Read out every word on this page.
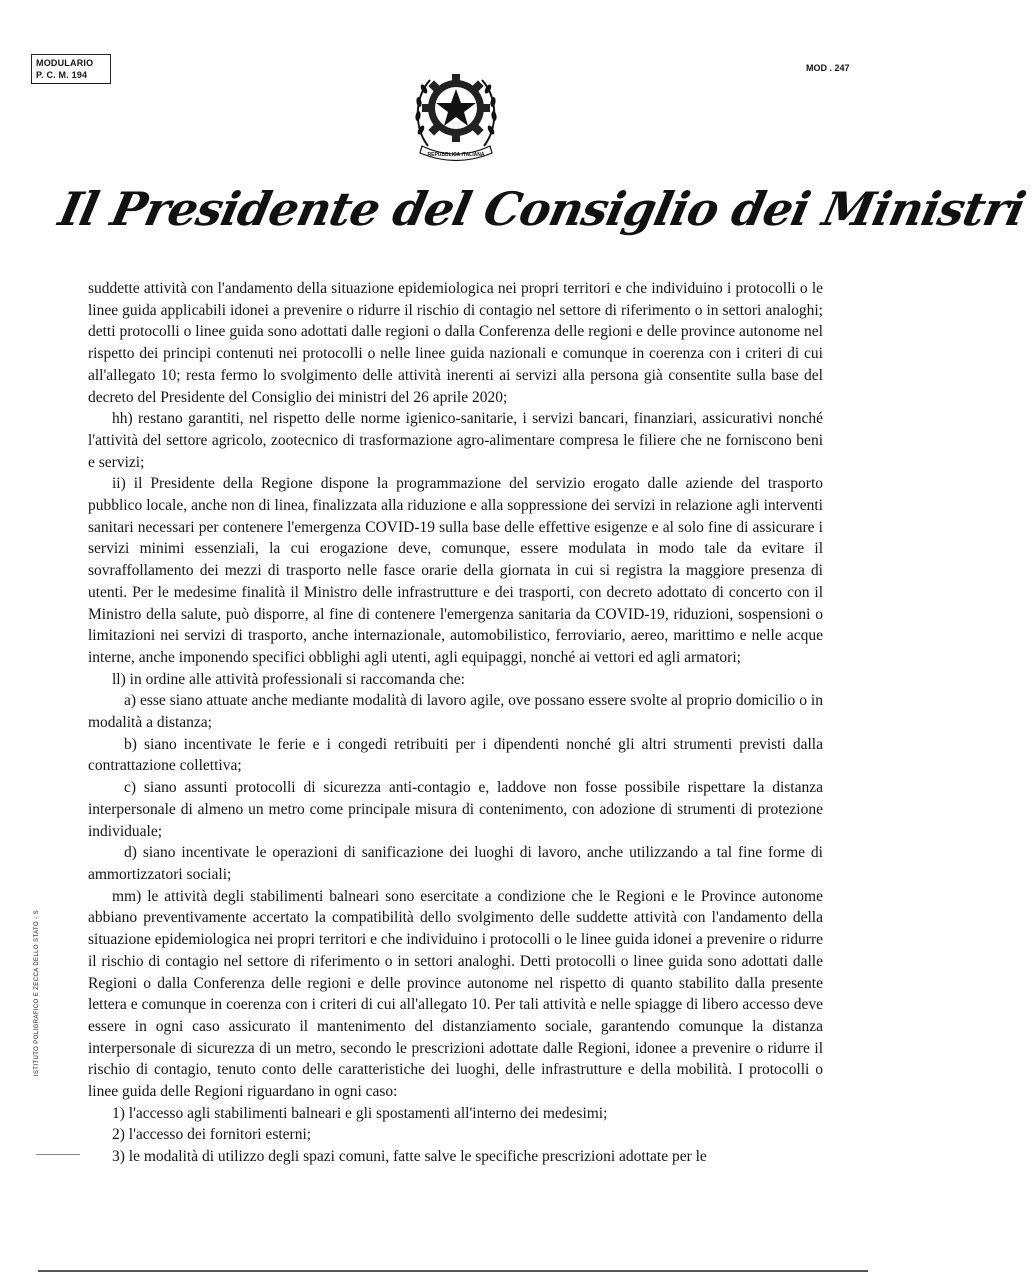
MODULARIO
P. C. M. 194
MOD . 247
REPUBBLICA ITALIANA
Il Presidente del Consiglio dei Ministri

suddette attività con l'andamento della situazione epidemiologica nei propri territori e che individuino i protocolli o le linee guida applicabili idonei a prevenire o ridurre il rischio di contagio nel settore di riferimento o in settori analoghi; detti protocolli o linee guida sono adottati dalle regioni o dalla Conferenza delle regioni e delle province autonome nel rispetto dei principi contenuti nei protocolli o nelle linee guida nazionali e comunque in coerenza con i criteri di cui all'allegato 10; resta fermo lo svolgimento delle attività inerenti ai servizi alla persona già consentite sulla base del decreto del Presidente del Consiglio dei ministri del 26 aprile 2020;

hh) restano garantiti, nel rispetto delle norme igienico-sanitarie, i servizi bancari, finanziari, assicurativi nonché l'attività del settore agricolo, zootecnico di trasformazione agro-alimentare compresa le filiere che ne forniscono beni e servizi;

ii) il Presidente della Regione dispone la programmazione del servizio erogato dalle aziende del trasporto pubblico locale, anche non di linea, finalizzata alla riduzione e alla soppressione dei servizi in relazione agli interventi sanitari necessari per contenere l'emergenza COVID-19 sulla base delle effettive esigenze e al solo fine di assicurare i servizi minimi essenziali, la cui erogazione deve, comunque, essere modulata in modo tale da evitare il sovraffollamento dei mezzi di trasporto nelle fasce orarie della giornata in cui si registra la maggiore presenza di utenti. Per le medesime finalità il Ministro delle infrastrutture e dei trasporti, con decreto adottato di concerto con il Ministro della salute, può disporre, al fine di contenere l'emergenza sanitaria da COVID-19, riduzioni, sospensioni o limitazioni nei servizi di trasporto, anche internazionale, automobilistico, ferroviario, aereo, marittimo e nelle acque interne, anche imponendo specifici obblighi agli utenti, agli equipaggi, nonché ai vettori ed agli armatori;

ll) in ordine alle attività professionali si raccomanda che:

a) esse siano attuate anche mediante modalità di lavoro agile, ove possano essere svolte al proprio domicilio o in modalità a distanza;

b) siano incentivate le ferie e i congedi retribuiti per i dipendenti nonché gli altri strumenti previsti dalla contrattazione collettiva;

c) siano assunti protocolli di sicurezza anti-contagio e, laddove non fosse possibile rispettare la distanza interpersonale di almeno un metro come principale misura di contenimento, con adozione di strumenti di protezione individuale;

d) siano incentivate le operazioni di sanificazione dei luoghi di lavoro, anche utilizzando a tal fine forme di ammortizzatori sociali;

mm) le attività degli stabilimenti balneari sono esercitate a condizione che le Regioni e le Province autonome abbiano preventivamente accertato la compatibilità dello svolgimento delle suddette attività con l'andamento della situazione epidemiologica nei propri territori e che individuino i protocolli o le linee guida idonei a prevenire o ridurre il rischio di contagio nel settore di riferimento o in settori analoghi. Detti protocolli o linee guida sono adottati dalle Regioni o dalla Conferenza delle regioni e delle province autonome nel rispetto di quanto stabilito dalla presente lettera e comunque in coerenza con i criteri di cui all'allegato 10. Per tali attività e nelle spiagge di libero accesso deve essere in ogni caso assicurato il mantenimento del distanziamento sociale, garantendo comunque la distanza interpersonale di sicurezza di un metro, secondo le prescrizioni adottate dalle Regioni, idonee a prevenire o ridurre il rischio di contagio, tenuto conto delle caratteristiche dei luoghi, delle infrastrutture e della mobilità. I protocolli o linee guida delle Regioni riguardano in ogni caso:

1) l'accesso agli stabilimenti balneari e gli spostamenti all'interno dei medesimi;

2) l'accesso dei fornitori esterni;

3) le modalità di utilizzo degli spazi comuni, fatte salve le specifiche prescrizioni adottate per le

ISTITUTO POLIGRAFICO E ZECCA DELLO STATO - S
